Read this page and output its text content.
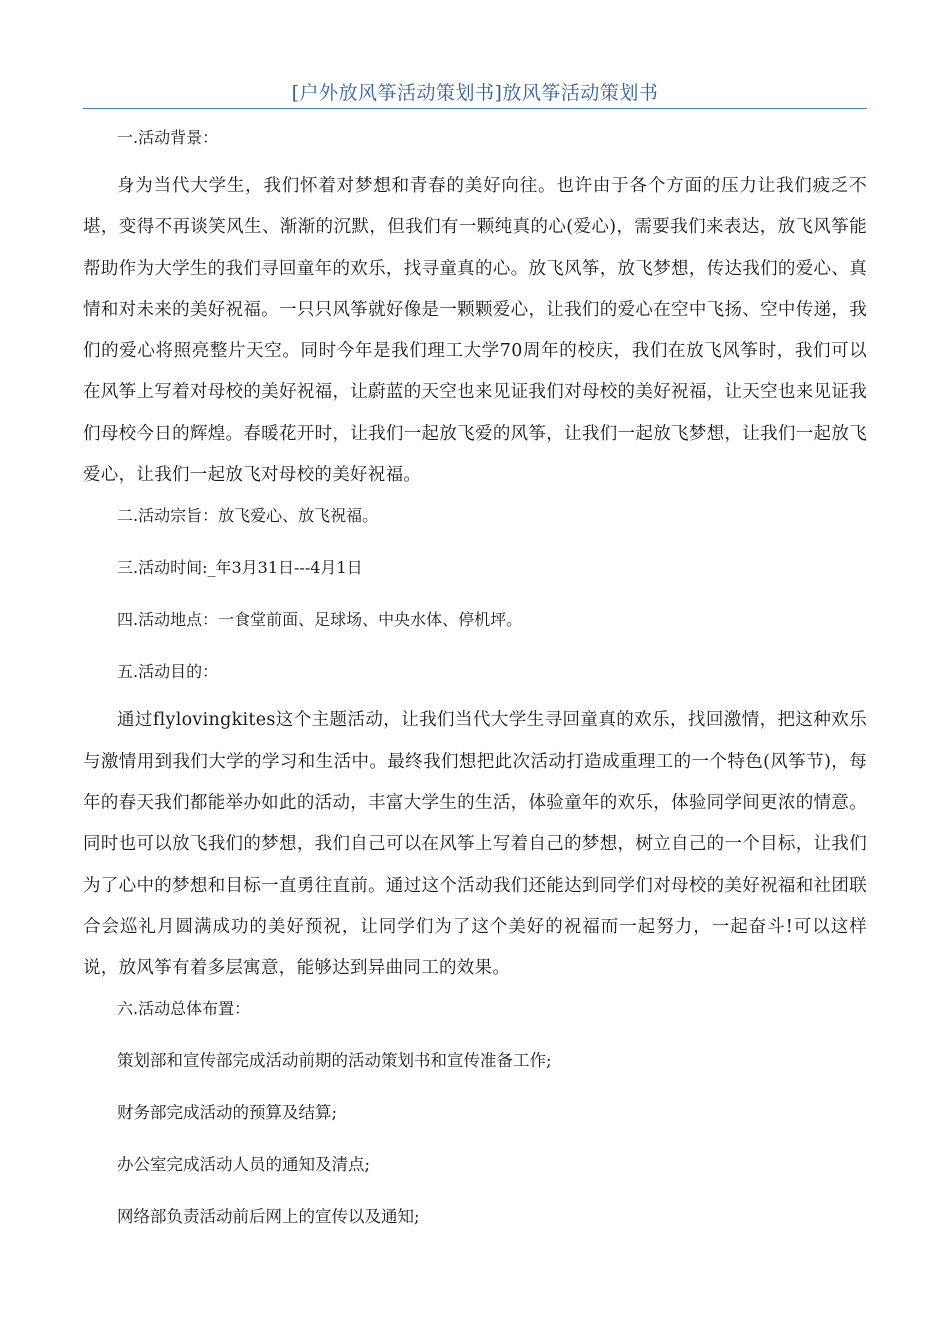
[户外放风筝活动策划书]放风筝活动策划书

一.活动背景：

身为当代大学生，我们怀着对梦想和青春的美好向往。也许由于各个方面的压力让我们疲乏不堪，变得不再谈笑风生、渐渐的沉默，但我们有一颗纯真的心(爱心)，需要我们来表达，放飞风筝能帮助作为大学生的我们寻回童年的欢乐，找寻童真的心。放飞风筝，放飞梦想，传达我们的爱心、真情和对未来的美好祝福。一只只风筝就好像是一颗颗爱心，让我们的爱心在空中飞扬、空中传递，我们的爱心将照亮整片天空。同时今年是我们理工大学70周年的校庆，我们在放飞风筝时，我们可以在风筝上写着对母校的美好祝福，让蔚蓝的天空也来见证我们对母校的美好祝福，让天空也来见证我们母校今日的辉煌。春暖花开时，让我们一起放飞爱的风筝，让我们一起放飞梦想，让我们一起放飞爱心，让我们一起放飞对母校的美好祝福。

二.活动宗旨：放飞爱心、放飞祝福。

三.活动时间:_年3月31日---4月1日

四.活动地点：一食堂前面、足球场、中央水体、停机坪。

五.活动目的：

通过flylovingkites这个主题活动，让我们当代大学生寻回童真的欢乐，找回激情，把这种欢乐与激情用到我们大学的学习和生活中。最终我们想把此次活动打造成重理工的一个特色(风筝节)，每年的春天我们都能举办如此的活动，丰富大学生的生活，体验童年的欢乐，体验同学间更浓的情意。同时也可以放飞我们的梦想，我们自己可以在风筝上写着自己的梦想，树立自己的一个目标，让我们为了心中的梦想和目标一直勇往直前。通过这个活动我们还能达到同学们对母校的美好祝福和社团联合会巡礼月圆满成功的美好预祝，让同学们为了这个美好的祝福而一起努力，一起奋斗!可以这样说，放风筝有着多层寓意，能够达到异曲同工的效果。

六.活动总体布置：

策划部和宣传部完成活动前期的活动策划书和宣传准备工作;

财务部完成活动的预算及结算;

办公室完成活动人员的通知及清点;

网络部负责活动前后网上的宣传以及通知;
